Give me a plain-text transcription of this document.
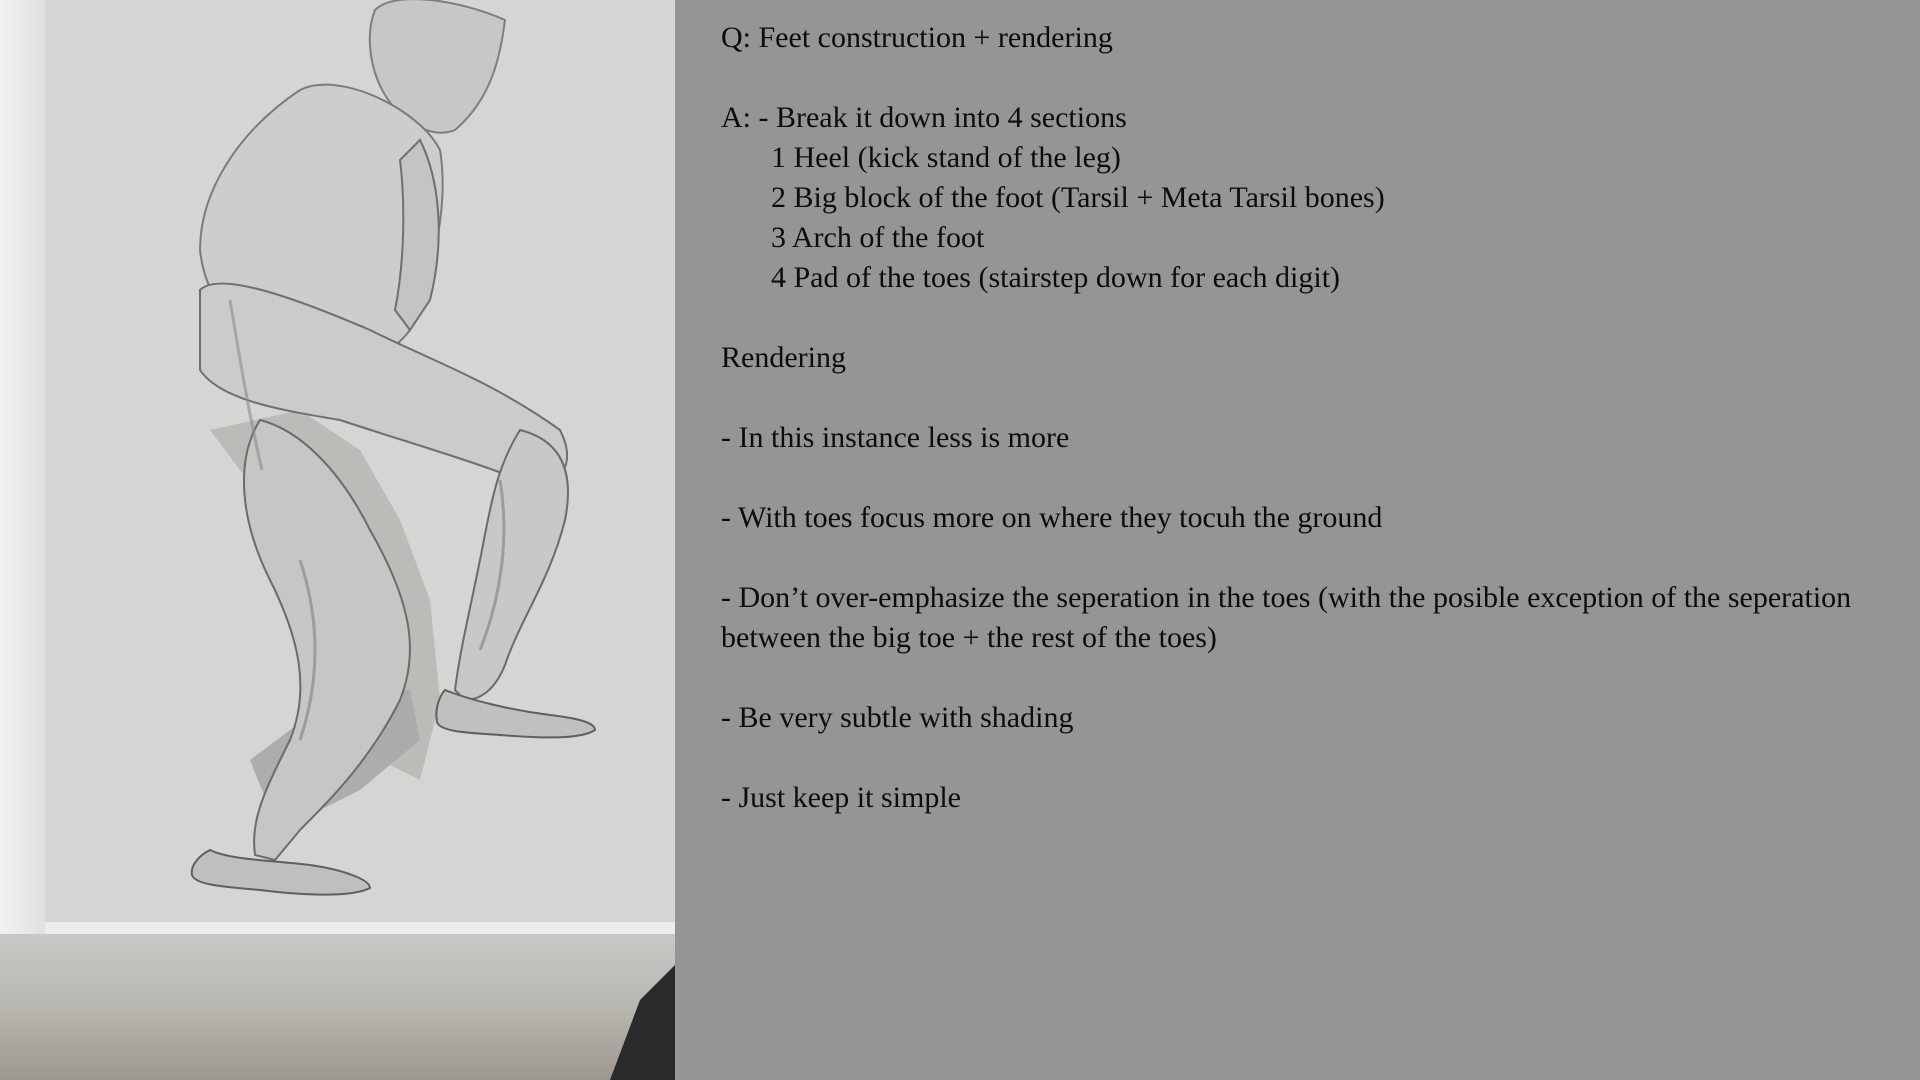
Q: Feet construction + rendering

A: - Break it down into 4 sections

1 Heel (kick stand of the leg)

2 Big block of the foot (Tarsil + Meta Tarsil bones)

3 Arch of the foot

4 Pad of the toes (stairstep down for each digit)

Rendering

- In this instance less is more

- With toes focus more on where they tocuh the ground

- Don’t over-emphasize the seperation in the toes (with the posible exception of the seperation between the big toe + the rest of the toes)

- Be very subtle with shading

- Just keep it simple
